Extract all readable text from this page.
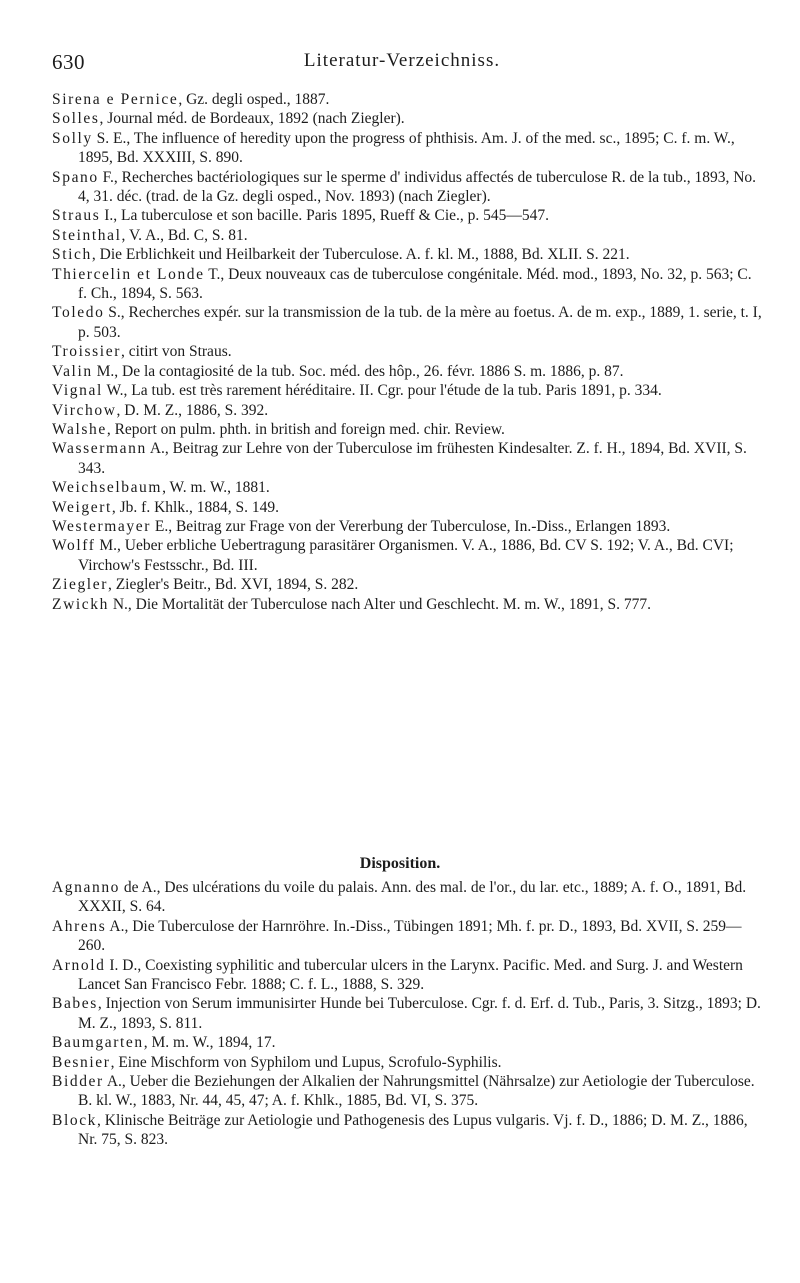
630	Literatur-Verzeichniss.

Sirena e Pernice, Gz. degli osped., 1887.

Solles, Journal méd. de Bordeaux, 1892 (nach Ziegler).

Solly S. E., The influence of heredity upon the progress of phthisis. Am. J. of the med. sc., 1895; C. f. m. W., 1895, Bd. XXXIII, S. 890.

Spano F., Recherches bactériologiques sur le sperme d' individus affectés de tuberculose R. de la tub., 1893, No. 4, 31. déc. (trad. de la Gz. degli osped., Nov. 1893) (nach Ziegler).

Straus I., La tuberculose et son bacille. Paris 1895, Rueff & Cie., p. 545—547.

Steinthal, V. A., Bd. C, S. 81.

Stich, Die Erblichkeit und Heilbarkeit der Tuberculose. A. f. kl. M., 1888, Bd. XLII. S. 221.

Thiercelin et Londe T., Deux nouveaux cas de tuberculose congénitale. Méd. mod., 1893, No. 32, p. 563; C. f. Ch., 1894, S. 563.

Toledo S., Recherches expér. sur la transmission de la tub. de la mère au foetus. A. de m. exp., 1889, 1. serie, t. I, p. 503.

Troissier, citirt von Straus.

Valin M., De la contagiosité de la tub. Soc. méd. des hôp., 26. févr. 1886 S. m. 1886, p. 87.

Vignal W., La tub. est très rarement héréditaire. II. Cgr. pour l'étude de la tub. Paris 1891, p. 334.

Virchow, D. M. Z., 1886, S. 392.

Walshe, Report on pulm. phth. in british and foreign med. chir. Review.

Wassermann A., Beitrag zur Lehre von der Tuberculose im frühesten Kindesalter. Z. f. H., 1894, Bd. XVII, S. 343.

Weichselbaum, W. m. W., 1881.

Weigert, Jb. f. Khlk., 1884, S. 149.

Westermayer E., Beitrag zur Frage von der Vererbung der Tuberculose, In.-Diss., Erlangen 1893.

Wolff M., Ueber erbliche Uebertragung parasitärer Organismen. V. A., 1886, Bd. CV S. 192; V. A., Bd. CVI; Virchow's Festsschr., Bd. III.

Ziegler, Ziegler's Beitr., Bd. XVI, 1894, S. 282.

Zwickh N., Die Mortalität der Tuberculose nach Alter und Geschlecht. M. m. W., 1891, S. 777.

Disposition.

Agnanno de A., Des ulcérations du voile du palais. Ann. des mal. de l'or., du lar. etc., 1889; A. f. O., 1891, Bd. XXXII, S. 64.

Ahrens A., Die Tuberculose der Harnröhre. In.-Diss., Tübingen 1891; Mh. f. pr. D., 1893, Bd. XVII, S. 259—260.

Arnold I. D., Coexisting syphilitic and tubercular ulcers in the Larynx. Pacific. Med. and Surg. J. and Western Lancet San Francisco Febr. 1888; C. f. L., 1888, S. 329.

Babes, Injection von Serum immunisirter Hunde bei Tuberculose. Cgr. f. d. Erf. d. Tub., Paris, 3. Sitzg., 1893; D. M. Z., 1893, S. 811.

Baumgarten, M. m. W., 1894, 17.

Besnier, Eine Mischform von Syphilom und Lupus, Scrofulo-Syphilis.

Bidder A., Ueber die Beziehungen der Alkalien der Nahrungsmittel (Nährsalze) zur Aetiologie der Tuberculose. B. kl. W., 1883, Nr. 44, 45, 47; A. f. Khlk., 1885, Bd. VI, S. 375.

Block, Klinische Beiträge zur Aetiologie und Pathogenesis des Lupus vulgaris. Vj. f. D., 1886; D. M. Z., 1886, Nr. 75, S. 823.
